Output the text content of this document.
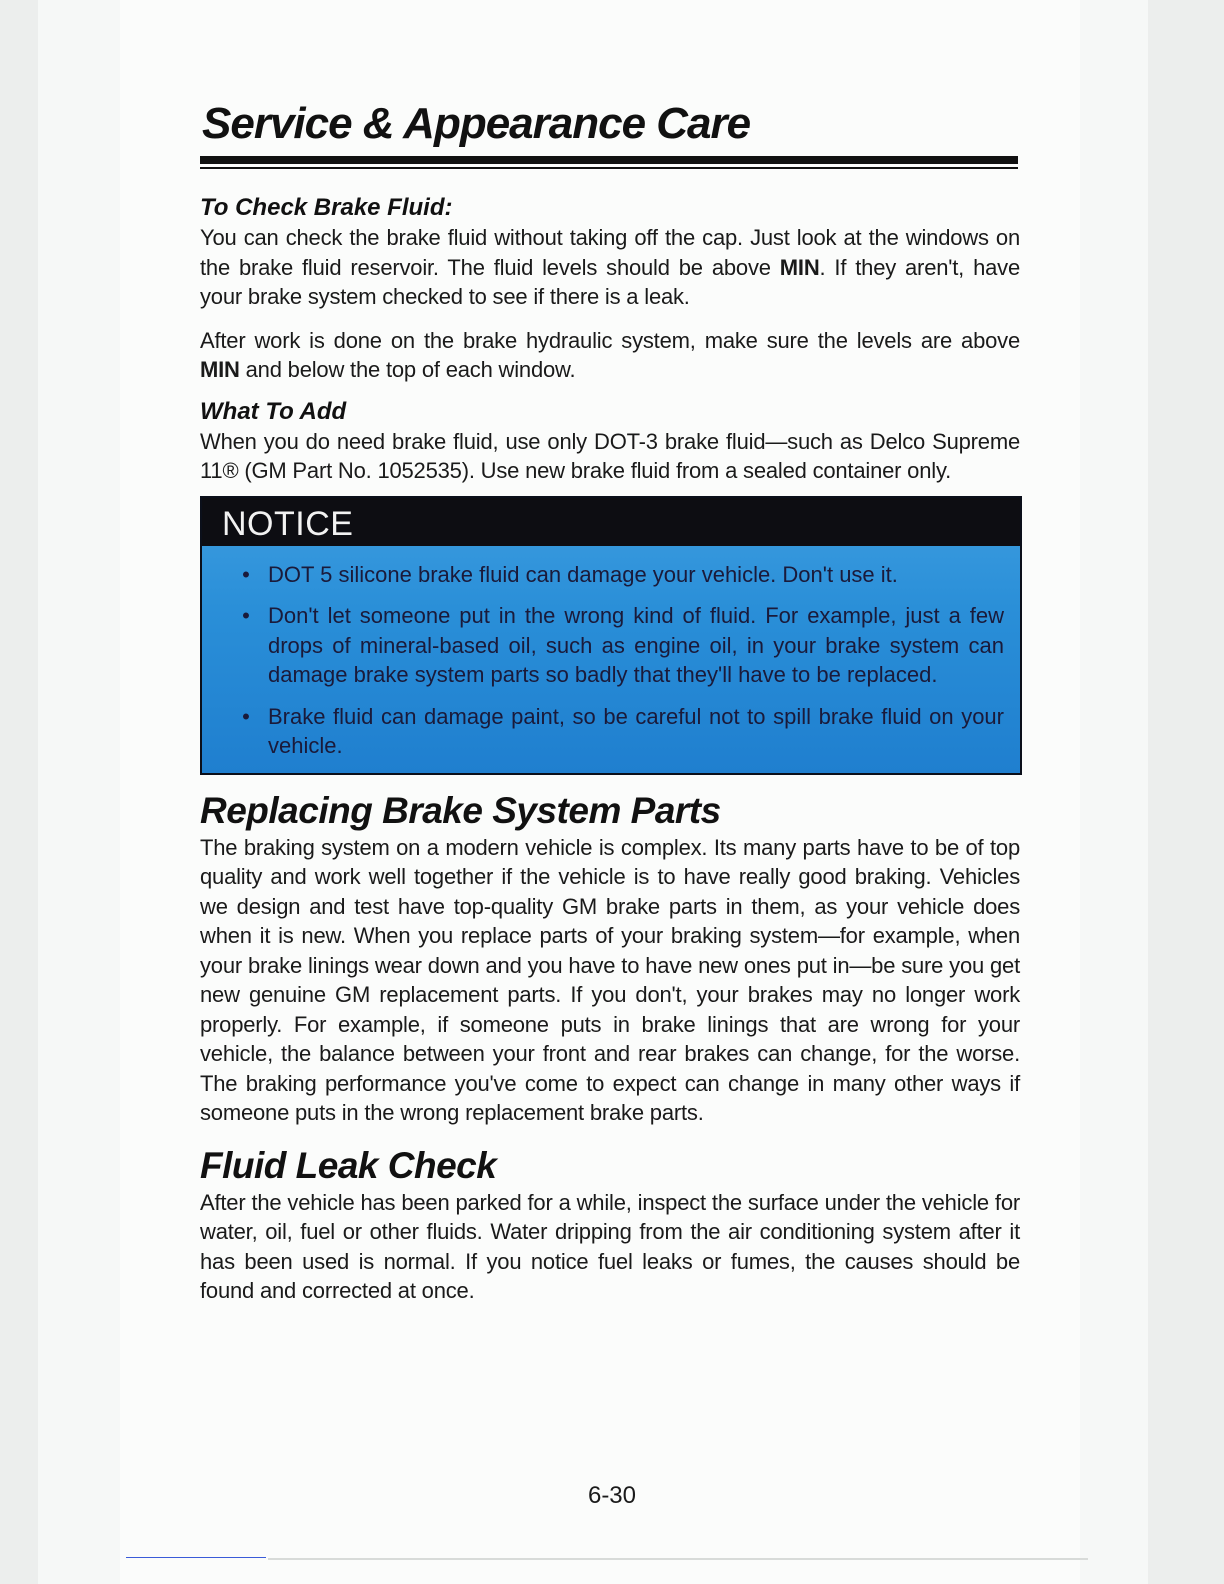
Service & Appearance Care
To Check Brake Fluid:

You can check the brake fluid without taking off the cap. Just look at the windows on the brake fluid reservoir. The fluid levels should be above MIN. If they aren't, have your brake system checked to see if there is a leak.

After work is done on the brake hydraulic system, make sure the levels are above MIN and below the top of each window.

What To Add

When you do need brake fluid, use only DOT-3 brake fluid—such as Delco Supreme 11® (GM Part No. 1052535). Use new brake fluid from a sealed container only.

NOTICE
• DOT 5 silicone brake fluid can damage your vehicle. Don't use it.
• Don't let someone put in the wrong kind of fluid. For example, just a few drops of mineral-based oil, such as engine oil, in your brake system can damage brake system parts so badly that they'll have to be replaced.
• Brake fluid can damage paint, so be careful not to spill brake fluid on your vehicle.
Replacing Brake System Parts

The braking system on a modern vehicle is complex. Its many parts have to be of top quality and work well together if the vehicle is to have really good braking. Vehicles we design and test have top-quality GM brake parts in them, as your vehicle does when it is new. When you replace parts of your braking system—for example, when your brake linings wear down and you have to have new ones put in—be sure you get new genuine GM replacement parts. If you don't, your brakes may no longer work properly. For example, if someone puts in brake linings that are wrong for your vehicle, the balance between your front and rear brakes can change, for the worse. The braking performance you've come to expect can change in many other ways if someone puts in the wrong replacement brake parts.

Fluid Leak Check

After the vehicle has been parked for a while, inspect the surface under the vehicle for water, oil, fuel or other fluids. Water dripping from the air conditioning system after it has been used is normal. If you notice fuel leaks or fumes, the causes should be found and corrected at once.

6-30
